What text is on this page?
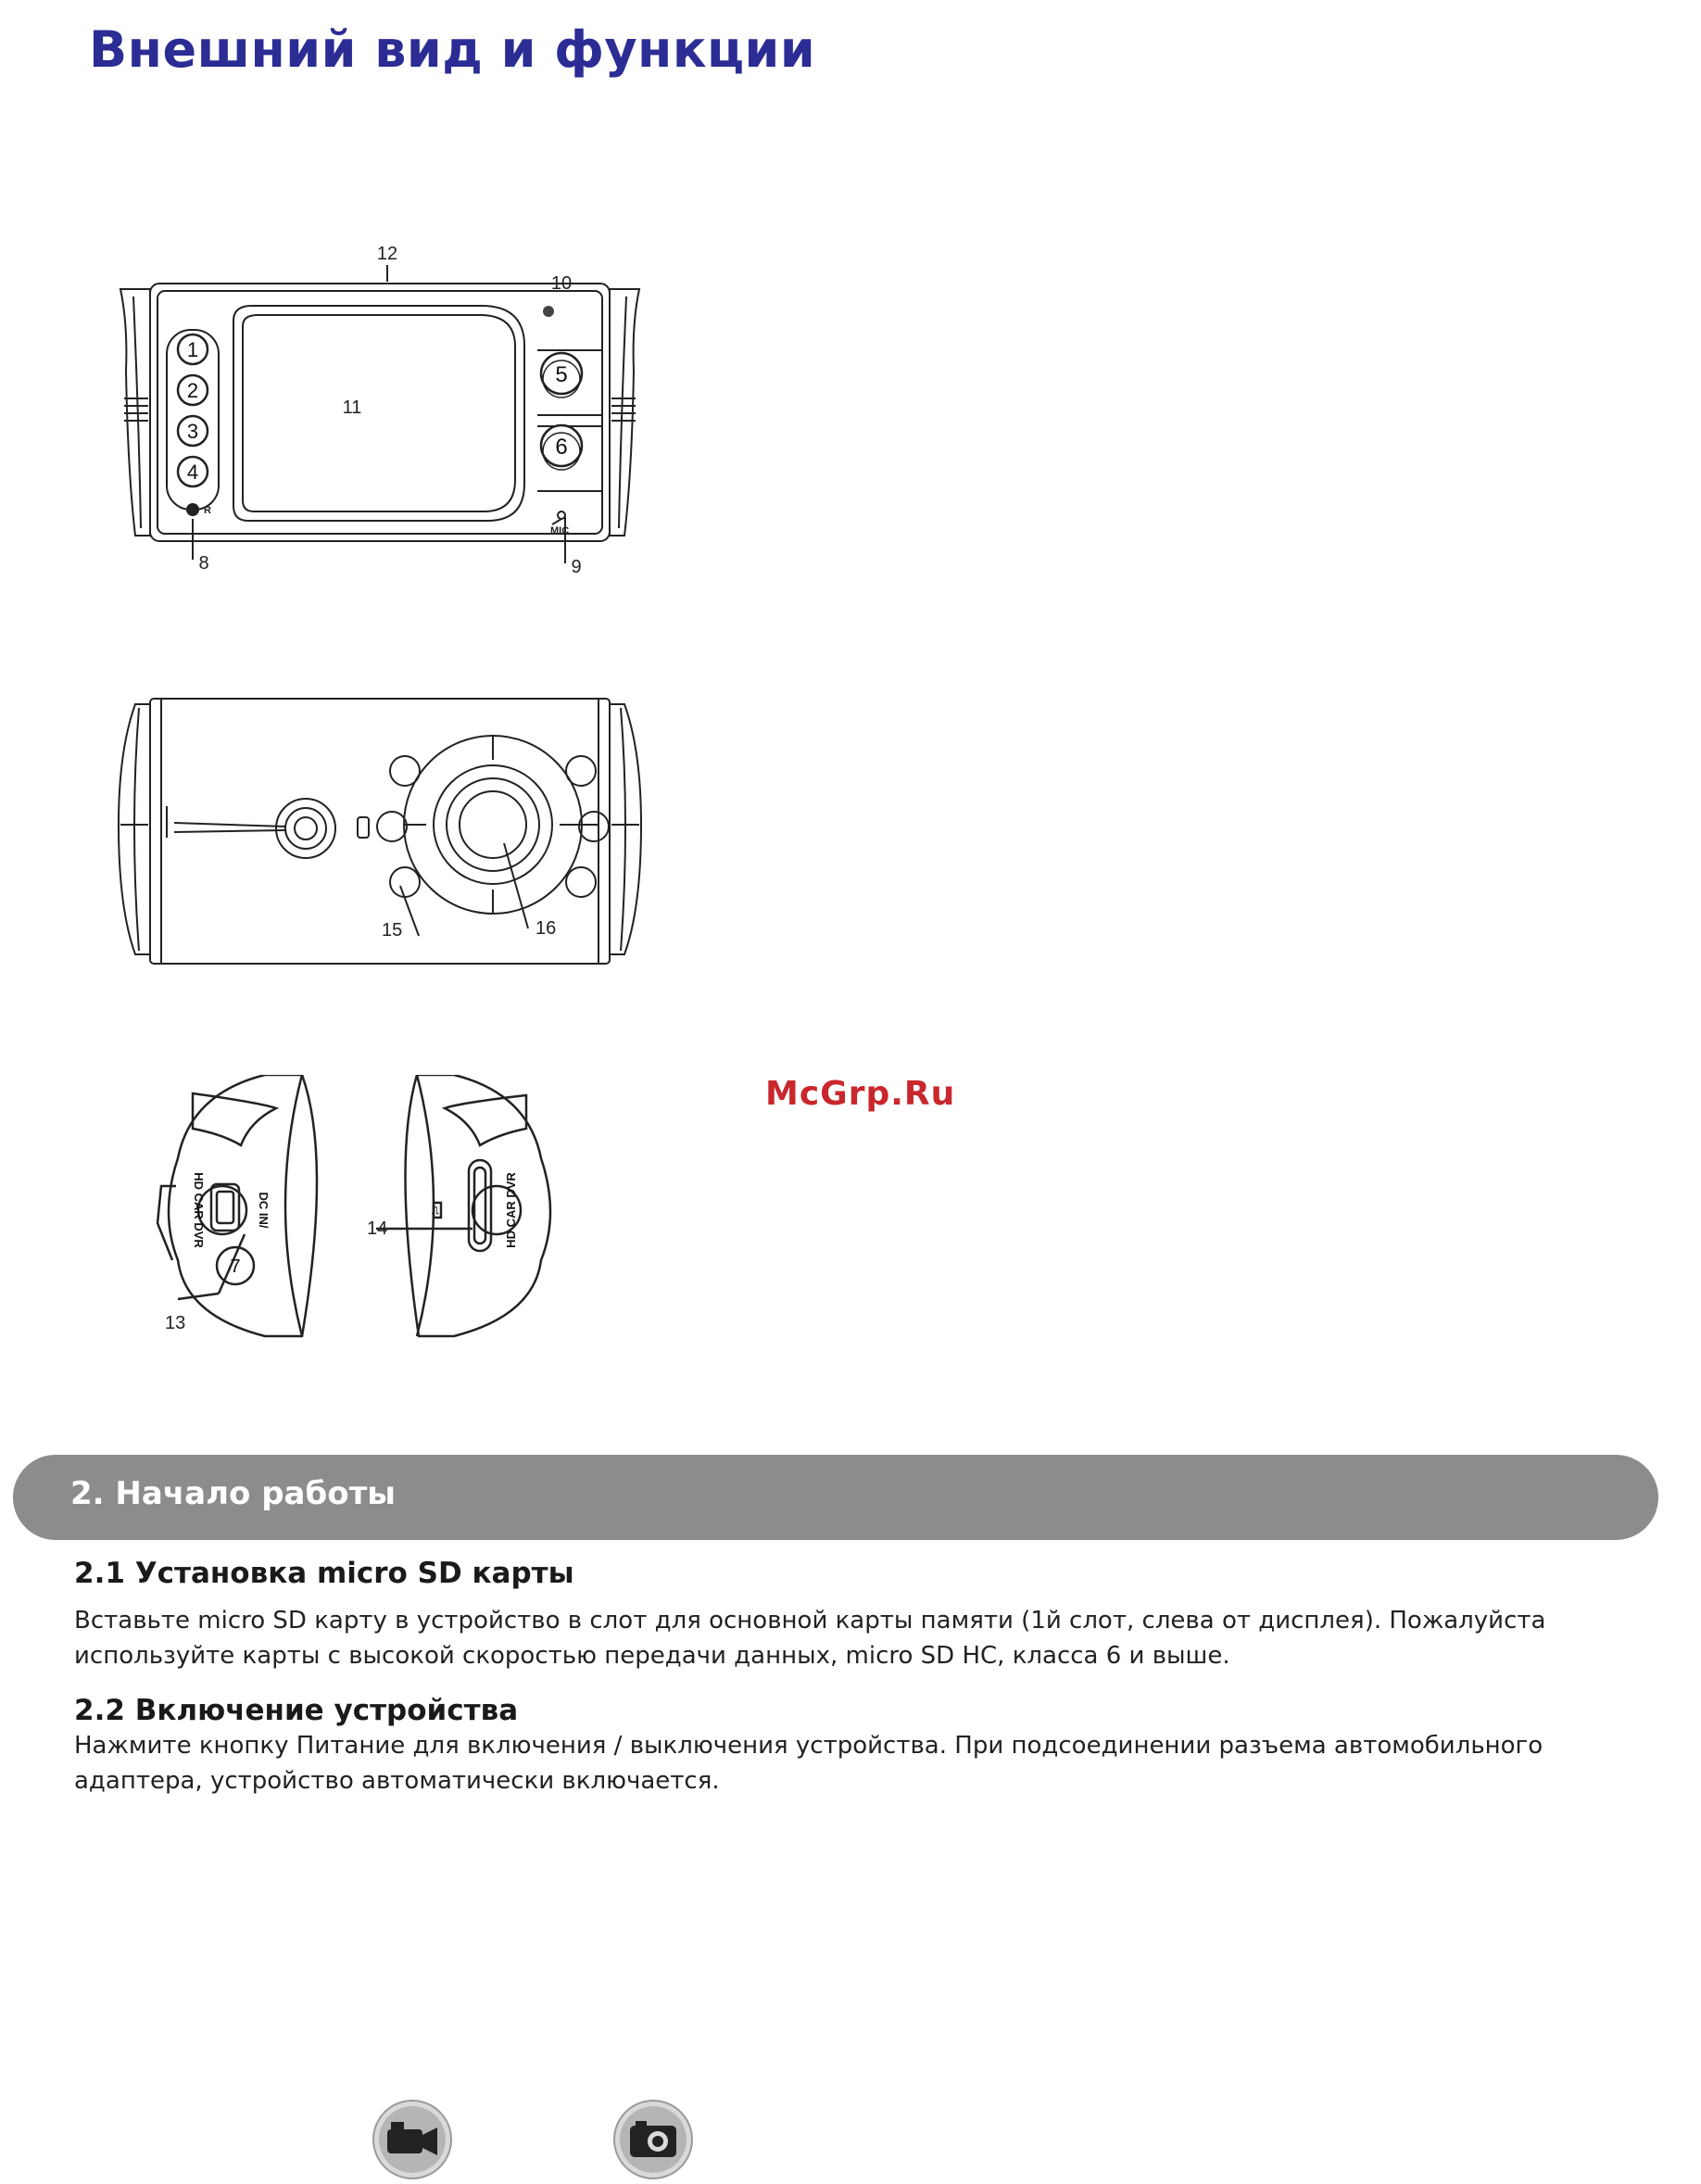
Внешний вид и функции
1
2
3
4
5
6
12
10
11
8	9
R
MIC
15	16
7
13
14
HD CAR DVR	DC IN/	HD CAR DVR
⎍
McGrp.Ru
2. Начало работы
2.1 Установка micro SD карты

Вставьте micro SD карту в устройство в слот для основной карты памяти (1й слот, слева от дисплея). Пожалуйста используйте карты с высокой скоростью передачи данных, micro SD HC, класса 6 и выше.

2.2 Включение устройства

Нажмите кнопку Питание для включения / выключения устройства. При подсоединении разъема автомобильного адаптера, устройство автоматически включается.
